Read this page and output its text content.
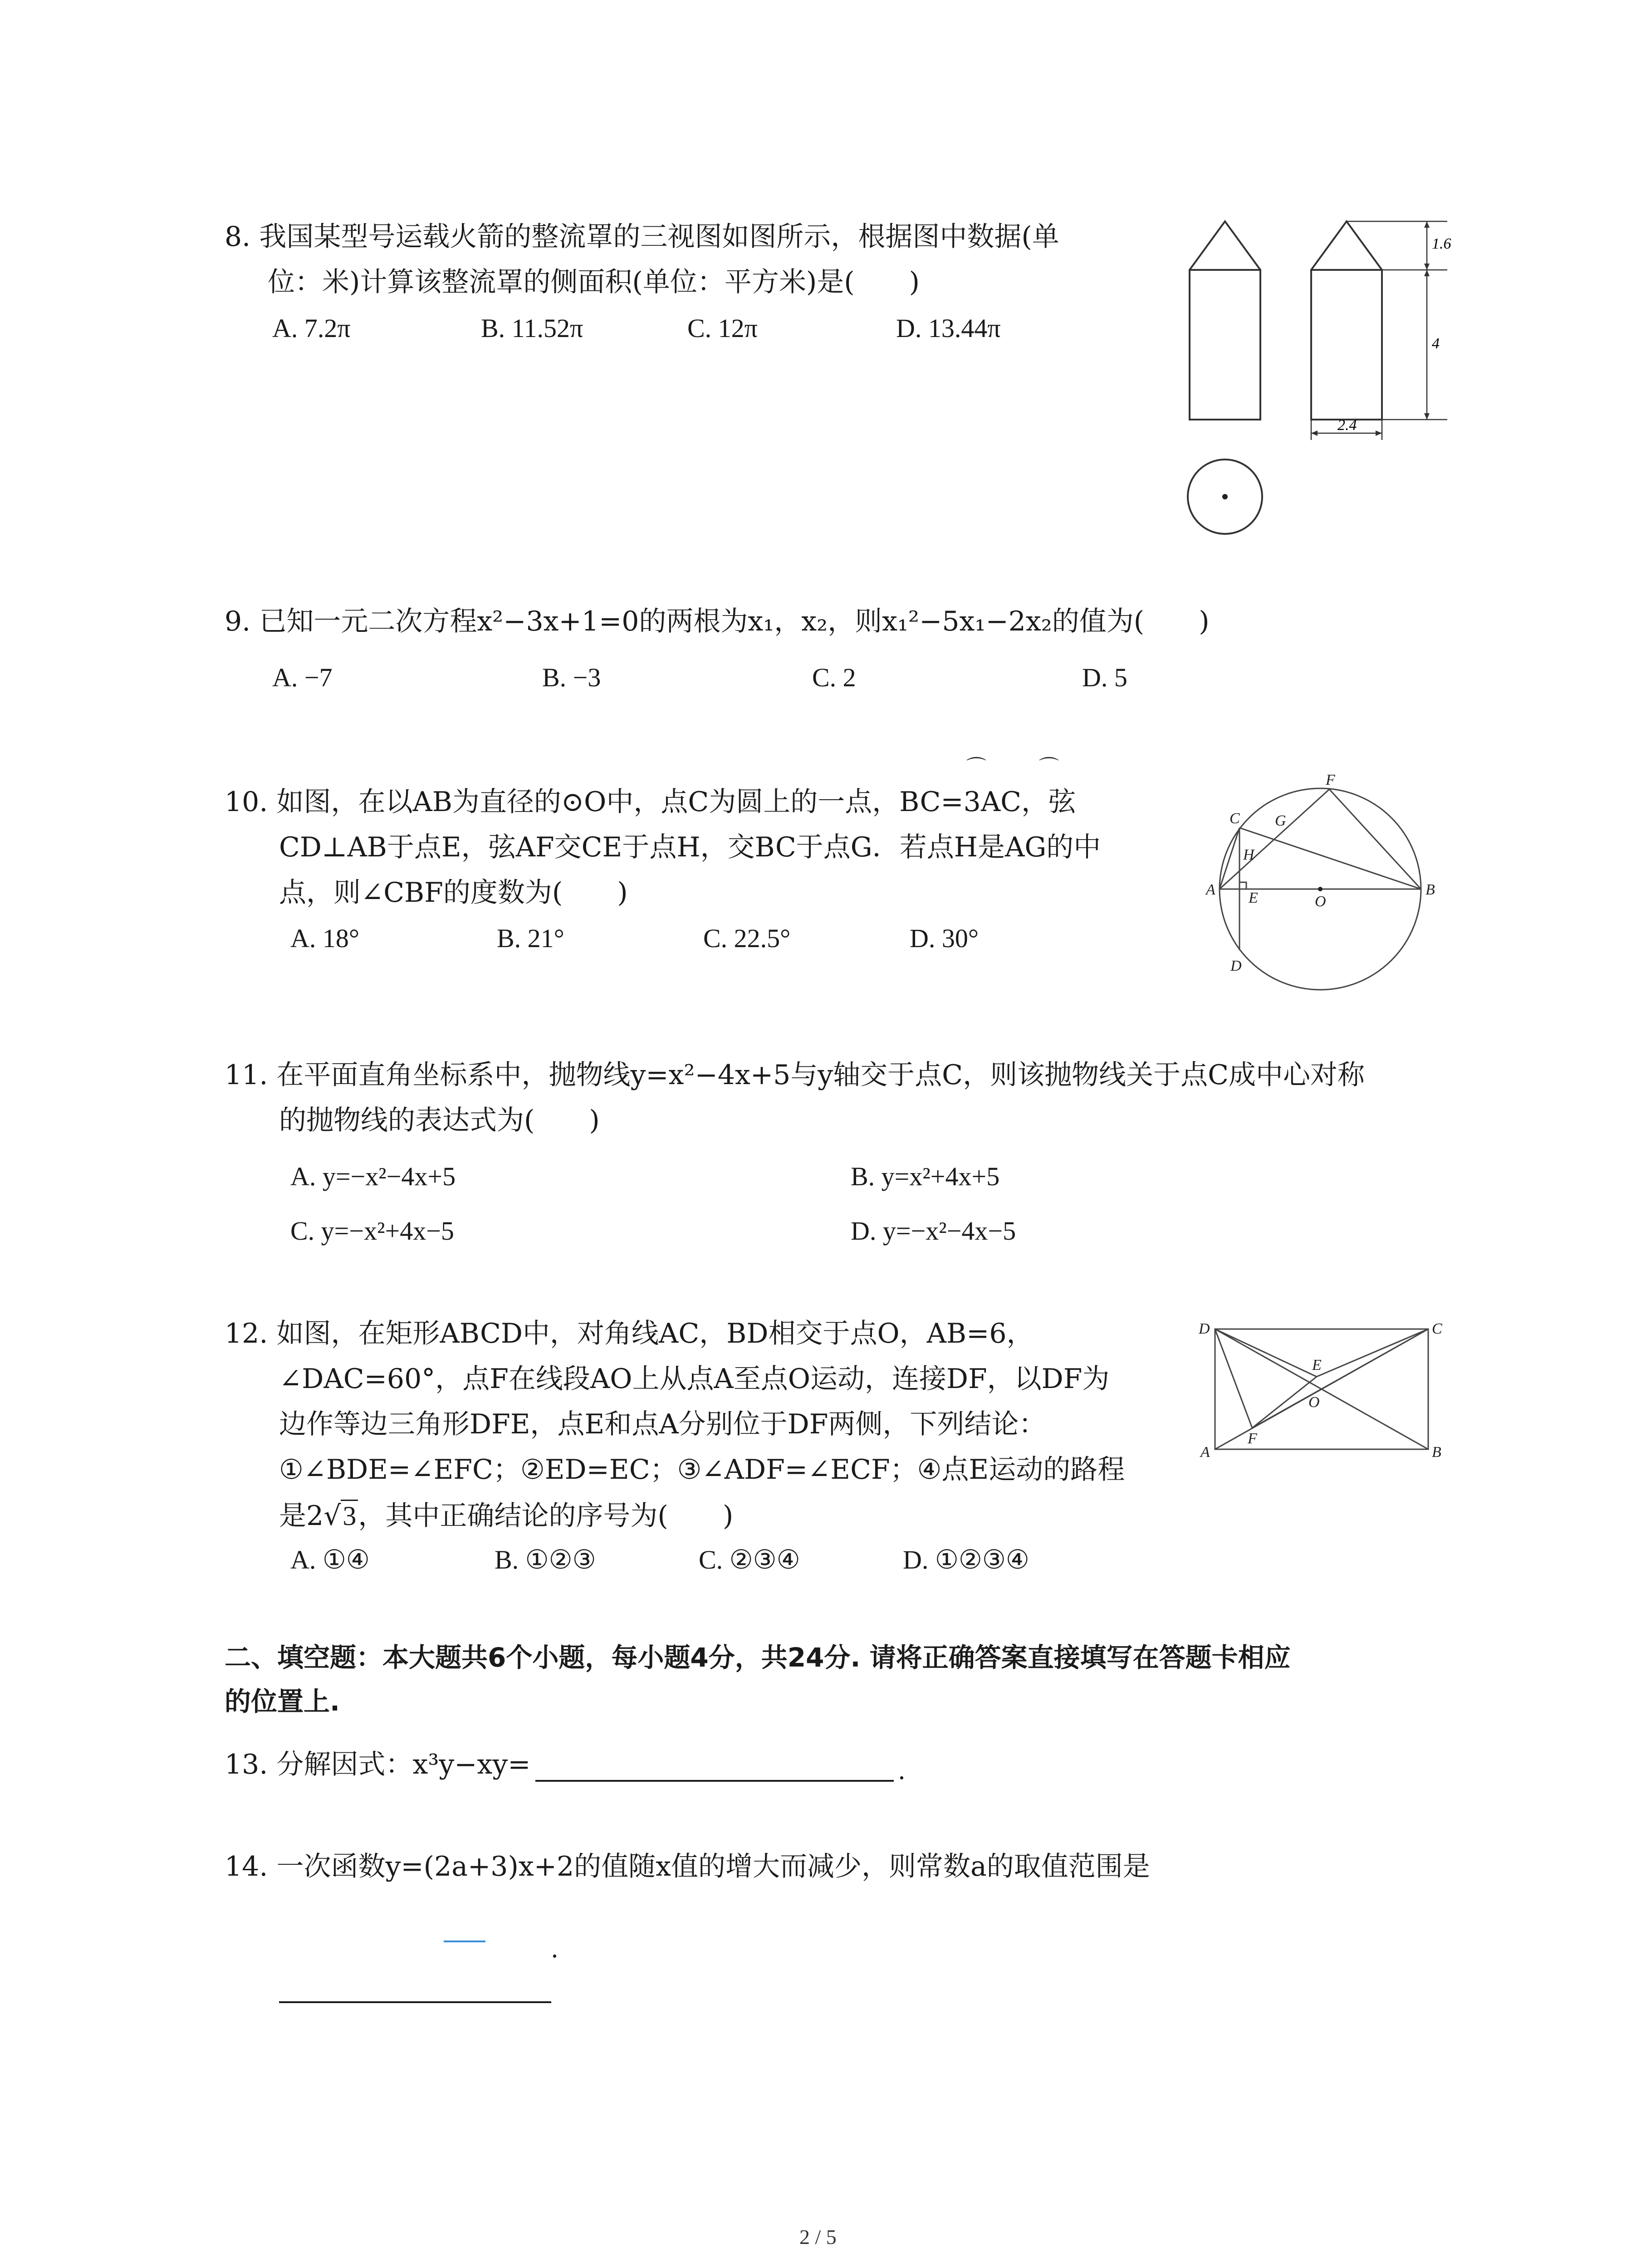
8. 我国某型号运载火箭的整流罩的三视图如图所示，根据图中数据(单
位：米)计算该整流罩的侧面积(单位：平方米)是(　　)
A. 7.2π	B. 11.52π	C. 12π	D. 13.44π
1.6
4
2.4
9. 已知一元二次方程x²−3x+1=0的两根为x₁，x₂，则x₁²−5x₁−2x₂的值为(　　)
A. −7	B. −3	C. 2	D. 5
⌒	⌒
10. 如图，在以AB为直径的⊙O中，点C为圆上的一点，BC=3AC，弦
CD⊥AB于点E，弦AF交CE于点H，交BC于点G．若点H是AG的中
点，则∠CBF的度数为(　　)
A. 18°	B. 21°	C. 22.5°	D. 30°
A	B
C
D
E
F
G
H
O
11. 在平面直角坐标系中，抛物线y=x²−4x+5与y轴交于点C，则该抛物线关于点C成中心对称
的抛物线的表达式为(　　)
A. y=−x²−4x+5	B. y=x²+4x+5
C. y=−x²+4x−5	D. y=−x²−4x−5
12. 如图，在矩形ABCD中，对角线AC，BD相交于点O，AB=6，
∠DAC=60°，点F在线段AO上从点A至点O运动，连接DF，以DF为
边作等边三角形DFE，点E和点A分别位于DF两侧，下列结论：
①∠BDE=∠EFC；②ED=EC；③∠ADF=∠ECF；④点E运动的路程
是2√3，其中正确结论的序号为(　　)
A. ①④	B. ①②③	C. ②③④	D. ①②③④
A	B
C
D
E
F
O
二、填空题：本大题共6个小题，每小题4分，共24分. 请将正确答案直接填写在答题卡相应
的位置上.
13. 分解因式：x³y−xy=	.
14. 一次函数y=(2a+3)x+2的值随x值的增大而减少，则常数a的取值范围是
.
2 / 5
